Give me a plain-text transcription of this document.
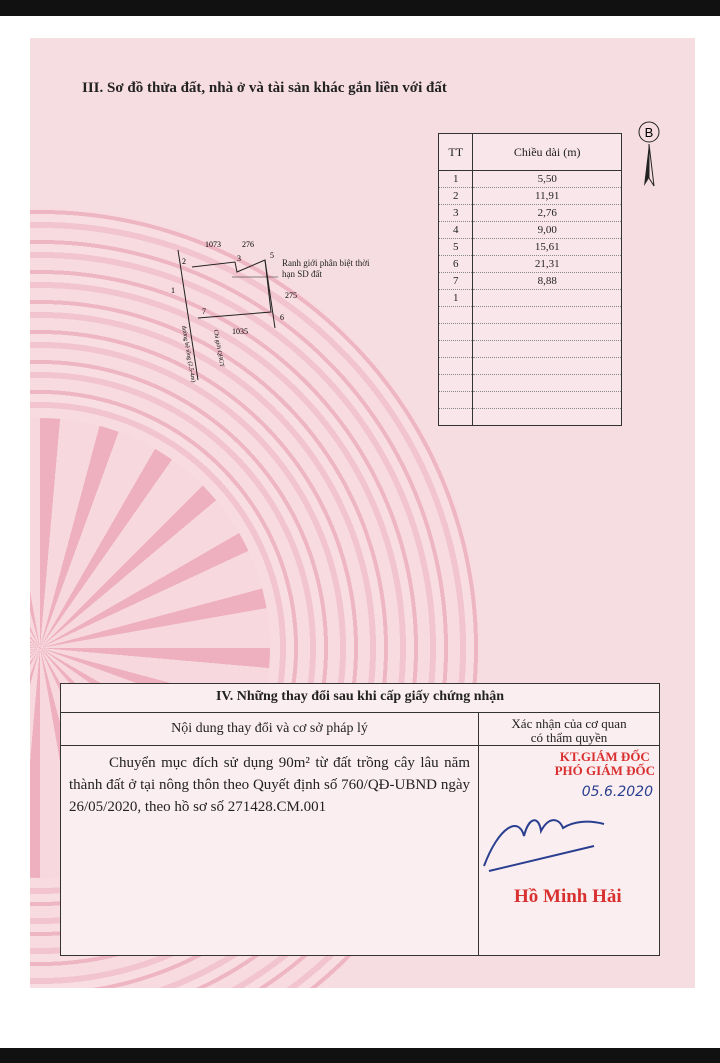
III. Sơ đồ thửa đất, nhà ở và tài sản khác gắn liền với đất
B
1073	276
275
1035
1
2	3	5
6
7
đường bê tông (2.5-4m)	Chỉ giới QHGT
Ranh giới phân biệt thời hạn SD đất
TT	Chiều dài (m)
1	5,50
2	11,91
3	2,76
4	9,00
5	15,61
6	21,31
7	8,88
1	

IV. Những thay đổi sau khi cấp giấy chứng nhận	
Nội dung thay đổi và cơ sở pháp lý	Xác nhận của cơ quan có thẩm quyền
Chuyển mục đích sử dụng 90m² từ đất trồng cây lâu năm thành đất ở tại nông thôn theo Quyết định số 760/QĐ-UBND ngày 26/05/2020, theo hồ sơ số 271428.CM.001	KT.GIÁM ĐỐC
PHÓ GIÁM ĐỐC
05.6.2020
Hồ Minh Hải
